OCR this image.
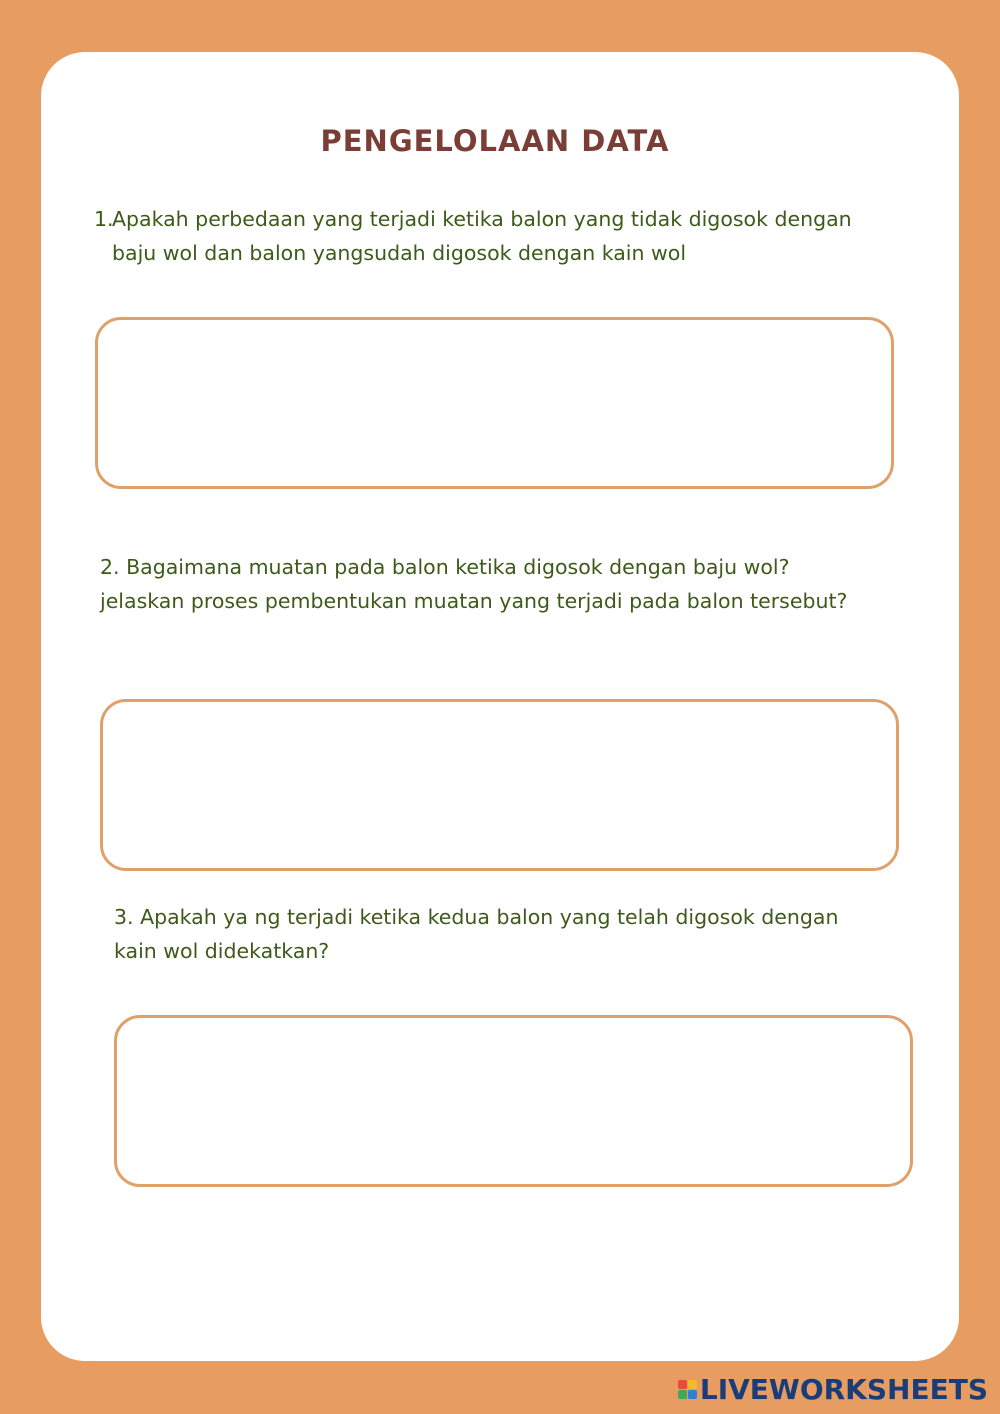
PENGELOLAAN DATA
1.
Apakah perbedaan yang terjadi ketika balon yang tidak digosok dengan baju wol dan balon yangsudah digosok dengan kain wol
2. Bagaimana muatan pada balon ketika digosok dengan baju wol?jelaskan proses pembentukan muatan yang terjadi pada balon tersebut?
3. Apakah ya ng terjadi ketika kedua balon yang telah digosok dengan kain wol didekatkan?
LIVEWORKSHEETS
